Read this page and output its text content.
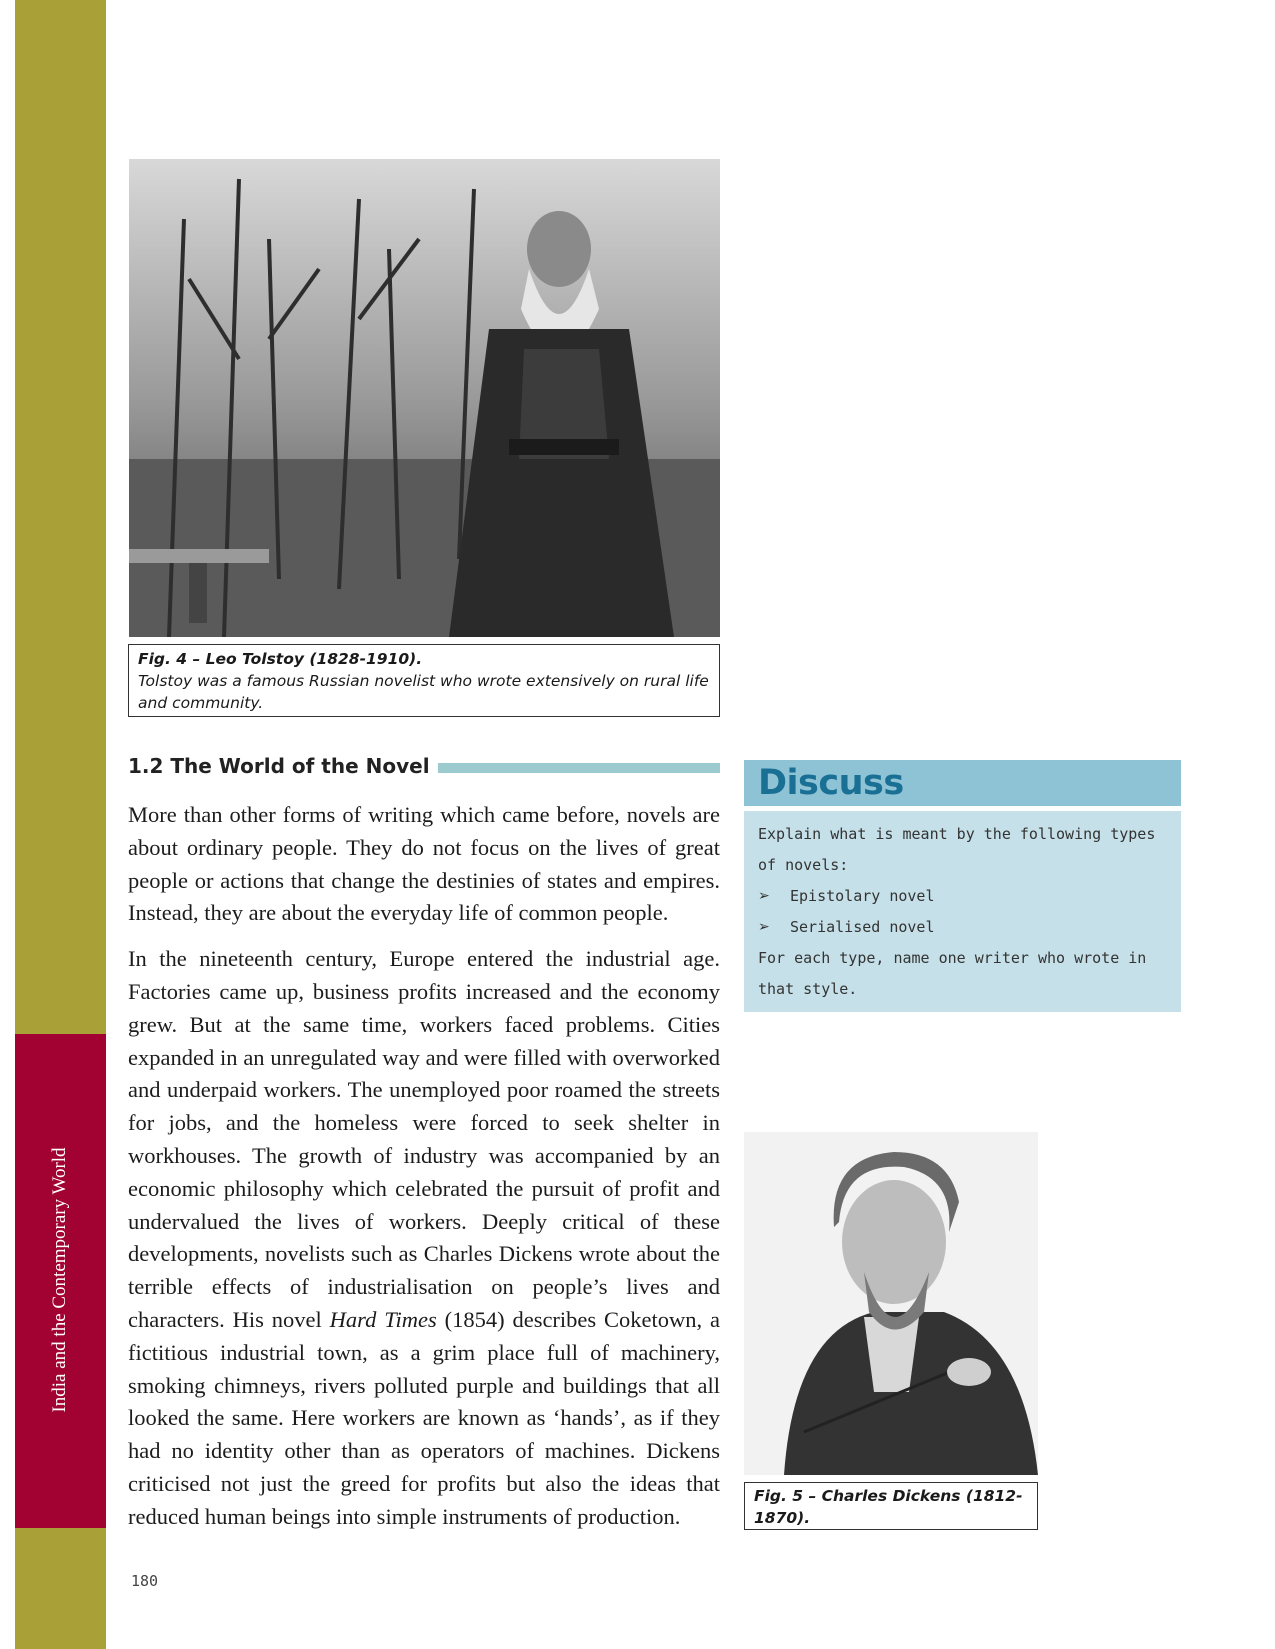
India and the Contemporary World
Fig. 4 – Leo Tolstoy (1828-1910).
Tolstoy was a famous Russian novelist who wrote extensively on rural life and community.
1.2 The World of the Novel

More than other forms of writing which came before, novels are about ordinary people. They do not focus on the lives of great people or actions that change the destinies of states and empires. Instead, they are about the everyday life of common people.

In the nineteenth century, Europe entered the industrial age. Factories came up, business profits increased and the economy grew. But at the same time, workers faced problems. Cities expanded in an unregulated way and were filled with overworked and underpaid workers. The unemployed poor roamed the streets for jobs, and the homeless were forced to seek shelter in workhouses. The growth of industry was accompanied by an economic philosophy which celebrated the pursuit of profit and undervalued the lives of workers. Deeply critical of these developments, novelists such as Charles Dickens wrote about the terrible effects of industrialisation on people’s lives and characters. His novel Hard Times (1854) describes Coketown, a fictitious industrial town, as a grim place full of machinery, smoking chimneys, rivers polluted purple and buildings that all looked the same. Here workers are known as ‘hands’, as if they had no identity other than as operators of machines. Dickens criticised not just the greed for profits but also the ideas that reduced human beings into simple instruments of production.

Discuss

Explain what is meant by the following types of novels:

➢	Epistolary novel
➢	Serialised novel

For each type, name one writer who wrote in that style.

Fig. 5 – Charles Dickens (1812-1870).
180
